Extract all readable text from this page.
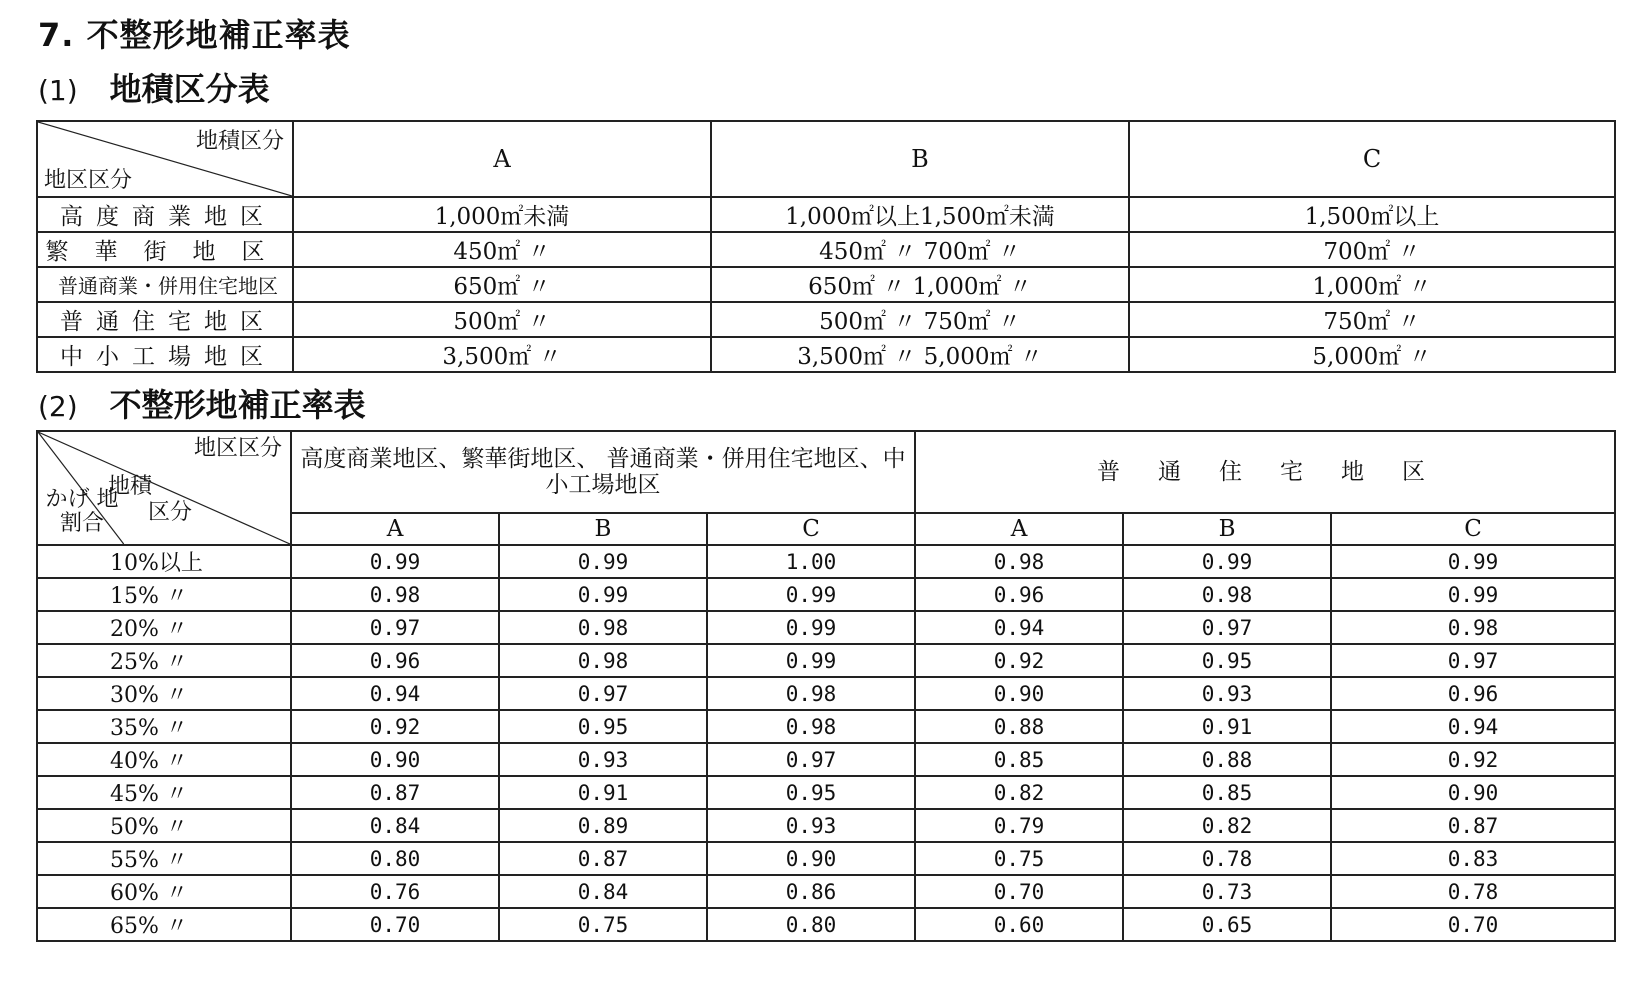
7. 不整形地補正率表
(1) 地積区分表
地積区分
地区区分	A	B	C
高度商業地区	1,000㎡未満	1,000㎡以上1,500㎡未満	1,500㎡以上
繁華街地区	450㎡ 〃	450㎡ 〃 700㎡ 〃	700㎡ 〃
普通商業・併用住宅地区	650㎡ 〃	650㎡ 〃 1,000㎡ 〃	1,000㎡ 〃
普通住宅地区	500㎡ 〃	500㎡ 〃 750㎡ 〃	750㎡ 〃
中小工場地区	3,500㎡ 〃	3,500㎡ 〃 5,000㎡ 〃	5,000㎡ 〃
(2) 不整形地補正率表
地区区分
地積
区分
かげ 地割合	高度商業地区、繁華街地区、 普通商業・併用住宅地区、中小工場地区			普通住宅地区		
	A	B	C	A	B	C
10%以上	0.99	0.99	1.00	0.98	0.99	0.99
15% 〃	0.98	0.99	0.99	0.96	0.98	0.99
20% 〃	0.97	0.98	0.99	0.94	0.97	0.98
25% 〃	0.96	0.98	0.99	0.92	0.95	0.97
30% 〃	0.94	0.97	0.98	0.90	0.93	0.96
35% 〃	0.92	0.95	0.98	0.88	0.91	0.94
40% 〃	0.90	0.93	0.97	0.85	0.88	0.92
45% 〃	0.87	0.91	0.95	0.82	0.85	0.90
50% 〃	0.84	0.89	0.93	0.79	0.82	0.87
55% 〃	0.80	0.87	0.90	0.75	0.78	0.83
60% 〃	0.76	0.84	0.86	0.70	0.73	0.78
65% 〃	0.70	0.75	0.80	0.60	0.65	0.70
